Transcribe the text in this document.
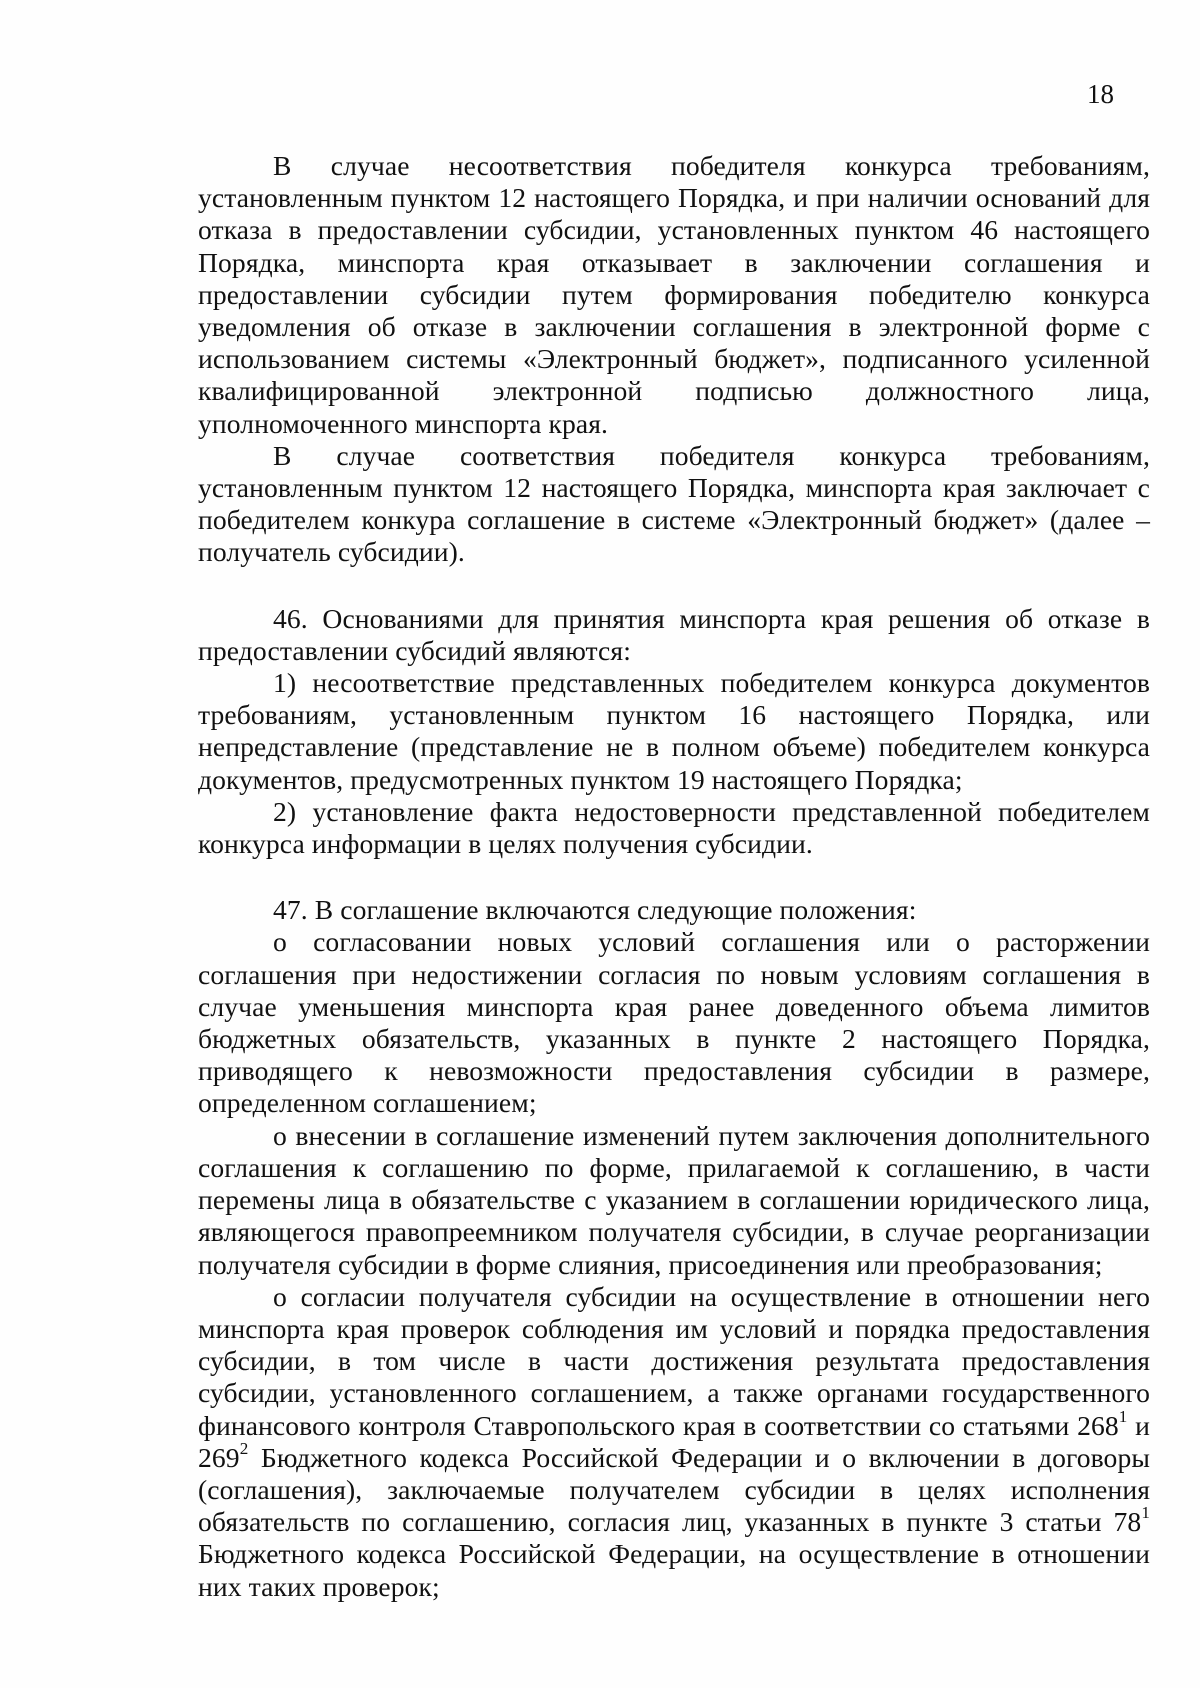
18

В случае несоответствия победителя конкурса требованиям, установленным пунктом 12 настоящего Порядка, и при наличии оснований для отказа в предоставлении субсидии, установленных пунктом 46 настоящего Порядка, минспорта края отказывает в заключении соглашения и предоставлении субсидии путем формирования победителю конкурса уведомления об отказе в заключении соглашения в электронной форме с использованием системы «Электронный бюджет», подписанного усиленной квалифицированной электронной подписью должностного лица, уполномоченного минспорта края.

В случае соответствия победителя конкурса требованиям, установленным пунктом 12 настоящего Порядка, минспорта края заключает с победителем конкура соглашение в системе «Электронный бюджет» (далее – получатель субсидии).

46. Основаниями для принятия минспорта края решения об отказе в предоставлении субсидий являются:

1) несоответствие представленных победителем конкурса документов требованиям, установленным пунктом 16 настоящего Порядка, или непредставление (представление не в полном объеме) победителем конкурса документов, предусмотренных пунктом 19 настоящего Порядка;

2) установление факта недостоверности представленной победителем конкурса информации в целях получения субсидии.

47. В соглашение включаются следующие положения:

о согласовании новых условий соглашения или о расторжении соглашения при недостижении согласия по новым условиям соглашения в случае уменьшения минспорта края ранее доведенного объема лимитов бюджетных обязательств, указанных в пункте 2 настоящего Порядка, приводящего к невозможности предоставления субсидии в размере, определенном соглашением;

о внесении в соглашение изменений путем заключения дополнительного соглашения к соглашению по форме, прилагаемой к соглашению, в части перемены лица в обязательстве с указанием в соглашении юридического лица, являющегося правопреемником получателя субсидии, в случае реорганизации получателя субсидии в форме слияния, присоединения или преобразования;

о согласии получателя субсидии на осуществление в отношении него минспорта края проверок соблюдения им условий и порядка предоставления субсидии, в том числе в части достижения результата предоставления субсидии, установленного соглашением, а также органами государственного финансового контроля Ставропольского края в соответствии со статьями $268^1$ и $269^2$ Бюджетного кодекса Российской Федерации и о включении в договоры (соглашения), заключаемые получателем субсидии в целях исполнения обязательств по соглашению, согласия лиц, указанных в пункте 3 статьи $78^1$ Бюджетного кодекса Российской Федерации, на осуществление в отношении них таких проверок;
